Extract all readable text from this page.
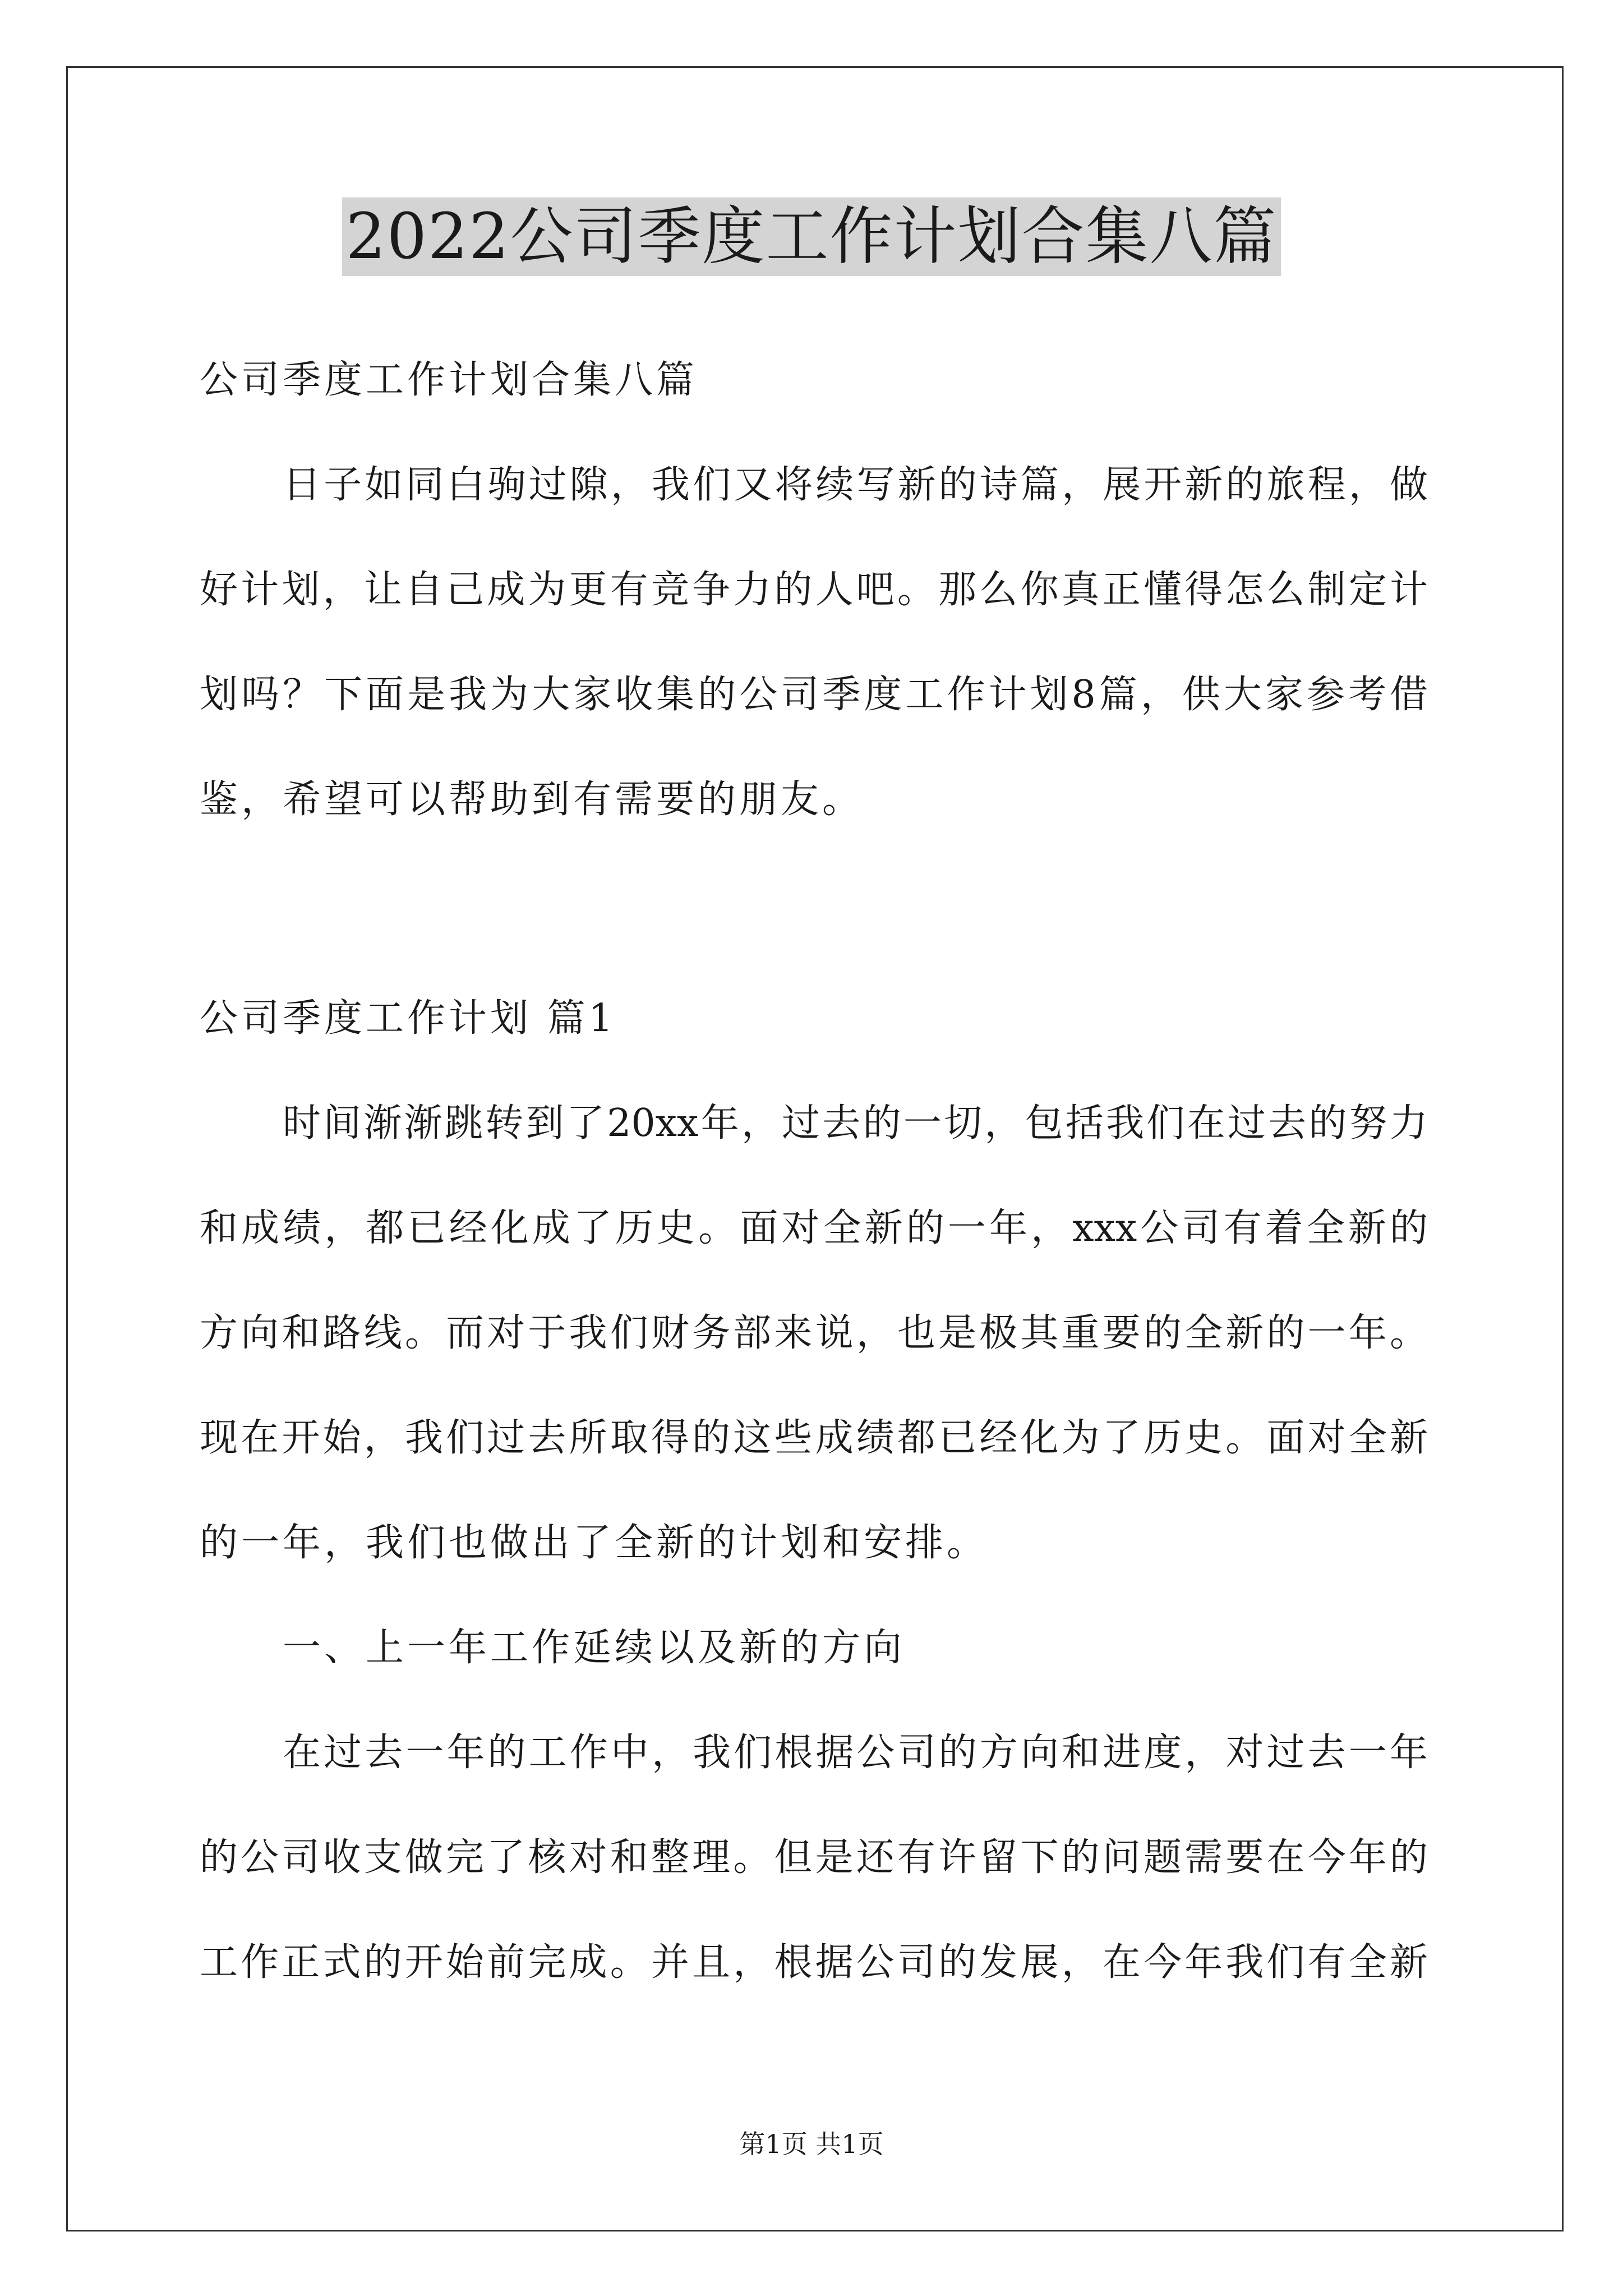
2022公司季度工作计划合集八篇
公司季度工作计划合集八篇
日子如同白驹过隙，我们又将续写新的诗篇，展开新的旅程，做
好计划，让自己成为更有竞争力的人吧。那么你真正懂得怎么制定计
划吗？下面是我为大家收集的公司季度工作计划8篇，供大家参考借
鉴，希望可以帮助到有需要的朋友。
公司季度工作计划 篇1
时间渐渐跳转到了20xx年，过去的一切，包括我们在过去的努力
和成绩，都已经化成了历史。面对全新的一年，xxx公司有着全新的
方向和路线。而对于我们财务部来说，也是极其重要的全新的一年。
现在开始，我们过去所取得的这些成绩都已经化为了历史。面对全新
的一年，我们也做出了全新的计划和安排。
一、上一年工作延续以及新的方向
在过去一年的工作中，我们根据公司的方向和进度，对过去一年
的公司收支做完了核对和整理。但是还有许留下的问题需要在今年的
工作正式的开始前完成。并且，根据公司的发展，在今年我们有全新
第1页 共1页
